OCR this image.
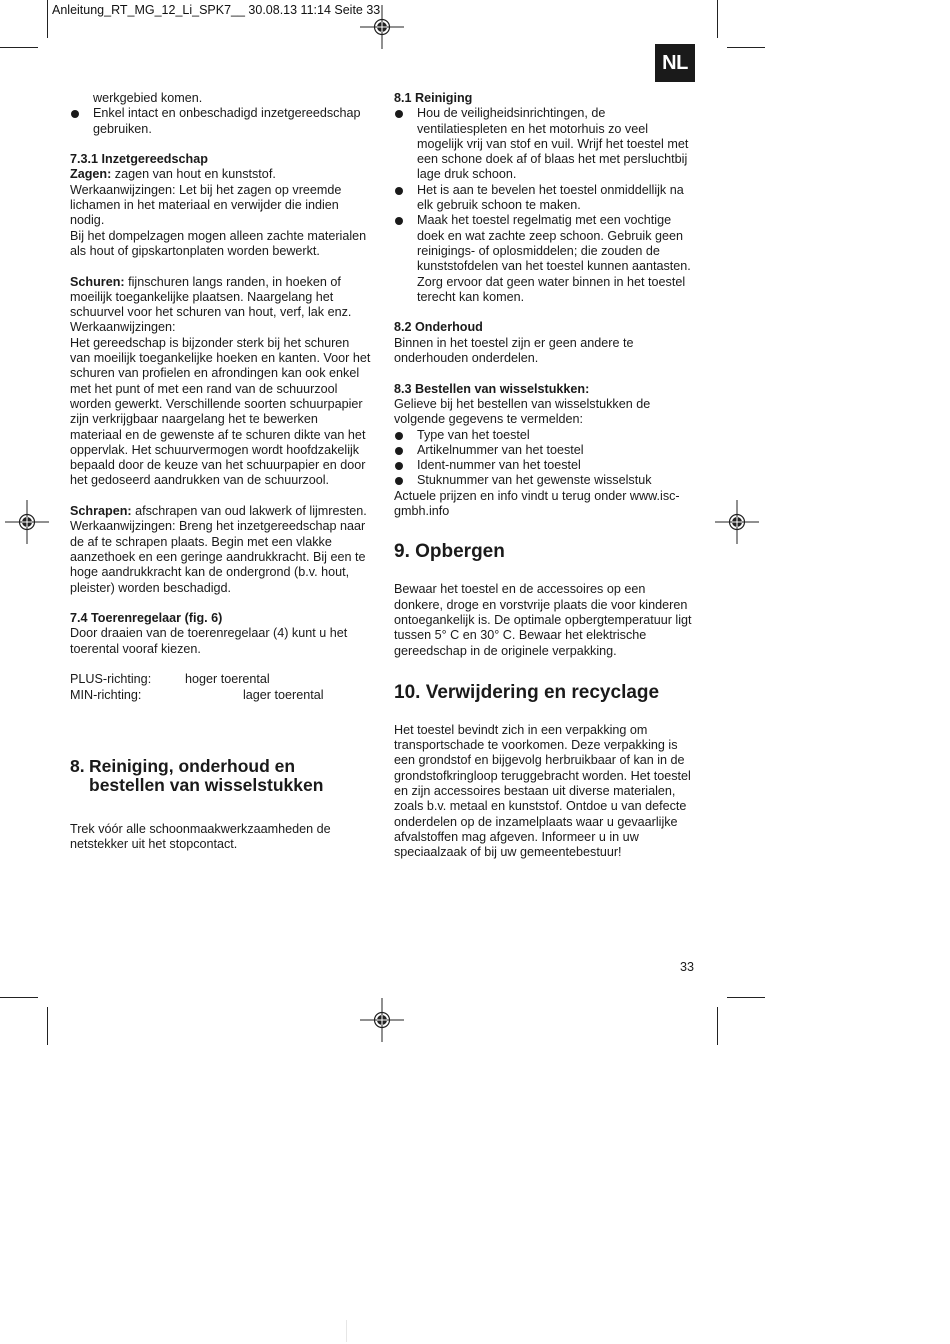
Anleitung_RT_MG_12_Li_SPK7__ 30.08.13 11:14 Seite 33
NL

werkgebied komen.

Enkel intact en onbeschadigd inzetgereedschap gebruiken.

7.3.1 Inzetgereedschap

Zagen: zagen van hout en kunststof.

Werkaanwijzingen: Let bij het zagen op vreemde lichamen in het materiaal en verwijder die indien nodig.

Bij het dompelzagen mogen alleen zachte materialen als hout of gipskartonplaten worden bewerkt.

Schuren: fijnschuren langs randen, in hoeken of moeilijk toegankelijke plaatsen. Naargelang het schuurvel voor het schuren van hout, verf, lak enz.

Werkaanwijzingen:

Het gereedschap is bijzonder sterk bij het schuren van moeilijk toegankelijke hoeken en kanten. Voor het schuren van profielen en afrondingen kan ook enkel met het punt of met een rand van de schuurzool worden gewerkt. Verschillende soorten schuurpapier zijn verkrijgbaar naargelang het te bewerken materiaal en de gewenste af te schuren dikte van het oppervlak. Het schuurvermogen wordt hoofdzakelijk bepaald door de keuze van het schuurpapier en door het gedoseerd aandrukken van de schuurzool.

Schrapen: afschrapen van oud lakwerk of lijmresten.

Werkaanwijzingen: Breng het inzetgereedschap naar de af te schrapen plaats. Begin met een vlakke aanzethoek en een geringe aandrukkracht. Bij een te hoge aandrukkracht kan de ondergrond (b.v. hout, pleister) worden beschadigd.

7.4 Toerenregelaar (fig. 6)

Door draaien van de toerenregelaar (4) kunt u het toerental vooraf kiezen.

PLUS-richting:	hoger toerental
MIN-richting:	lager toerental
8. Reiniging, onderhoud en bestellen van wisselstukken

Trek vóór alle schoonmaakwerkzaamheden de netstekker uit het stopcontact.

8.1 Reiniging

Hou de veiligheidsinrichtingen, de ventilatiespleten en het motorhuis zo veel mogelijk vrij van stof en vuil. Wrijf het toestel met een schone doek af of blaas het met persluchtbij lage druk schoon.
Het is aan te bevelen het toestel onmiddellijk na elk gebruik schoon te maken.
Maak het toestel regelmatig met een vochtige doek en wat zachte zeep schoon. Gebruik geen reinigings- of oplosmiddelen; die zouden de kunststofdelen van het toestel kunnen aantasten. Zorg ervoor dat geen water binnen in het toestel terecht kan komen.

8.2 Onderhoud

Binnen in het toestel zijn er geen andere te onderhouden onderdelen.

8.3 Bestellen van wisselstukken:

Gelieve bij het bestellen van wisselstukken de volgende gegevens te vermelden:

Type van het toestel
Artikelnummer van het toestel
Ident-nummer van het toestel
Stuknummer van het gewenste wisselstuk

Actuele prijzen en info vindt u terug onder www.isc-gmbh.info

9. Opbergen

Bewaar het toestel en de accessoires op een donkere, droge en vorstvrije plaats die voor kinderen ontoegankelijk is. De optimale opbergtemperatuur ligt tussen 5° C en 30° C. Bewaar het elektrische gereedschap in de originele verpakking.

10. Verwijdering en recyclage

Het toestel bevindt zich in een verpakking om transportschade te voorkomen. Deze verpakking is een grondstof en bijgevolg herbruikbaar of kan in de grondstofkringloop teruggebracht worden. Het toestel en zijn accessoires bestaan uit diverse materialen, zoals b.v. metaal en kunststof. Ontdoe u van defecte onderdelen op de inzamelplaats waar u gevaarlijke afvalstoffen mag afgeven. Informeer u in uw speciaalzaak of bij uw gemeentebestuur!

33
